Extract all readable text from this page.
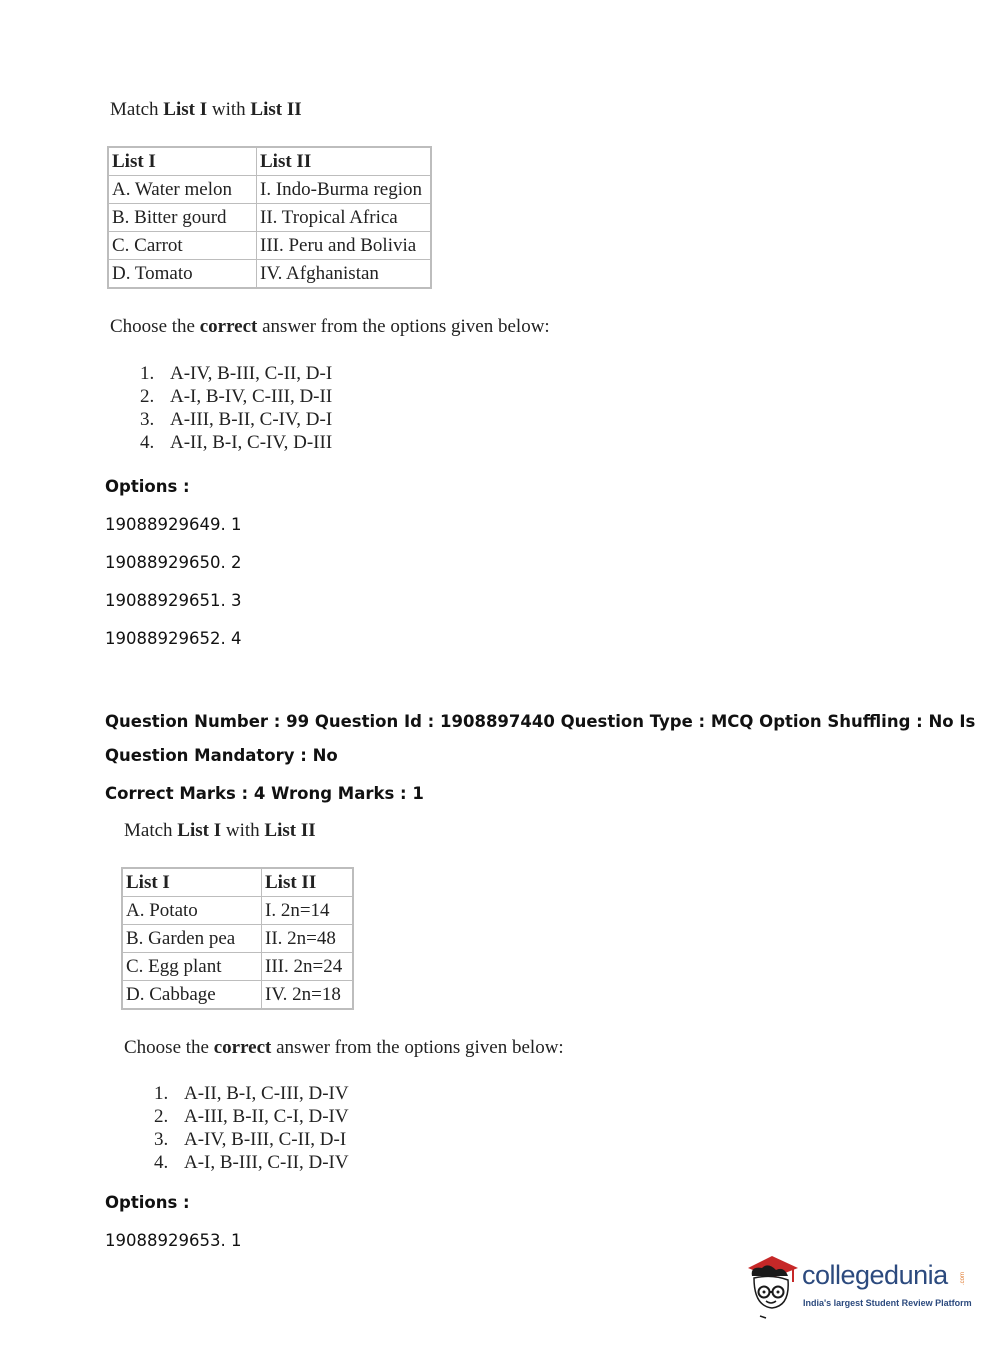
Match List I with List II
List I	List II
A. Water melon	I. Indo-Burma region
B. Bitter gourd	II. Tropical Africa
C. Carrot	III. Peru and Bolivia
D. Tomato	IV. Afghanistan
Choose the correct answer from the options given below:
1. A-IV, B-III, C-II, D-I
2. A-I, B-IV, C-III, D-II
3. A-III, B-II, C-IV, D-I
4. A-II, B-I, C-IV, D-III
Options :
19088929649. 1
19088929650. 2
19088929651. 3
19088929652. 4
Question Number : 99 Question Id : 1908897440 Question Type : MCQ Option Shuffling : No Is
Question Mandatory : No
Correct Marks : 4 Wrong Marks : 1
Match List I with List II
List I	List II
A. Potato	I. 2n=14
B. Garden pea	II. 2n=48
C. Egg plant	III. 2n=24
D. Cabbage	IV. 2n=18
Choose the correct answer from the options given below:
1. A-II, B-I, C-III, D-IV
2. A-III, B-II, C-I, D-IV
3. A-IV, B-III, C-II, D-I
4. A-I, B-III, C-II, D-IV
Options :
19088929653. 1
collegedunia .com
India's largest Student Review Platform
